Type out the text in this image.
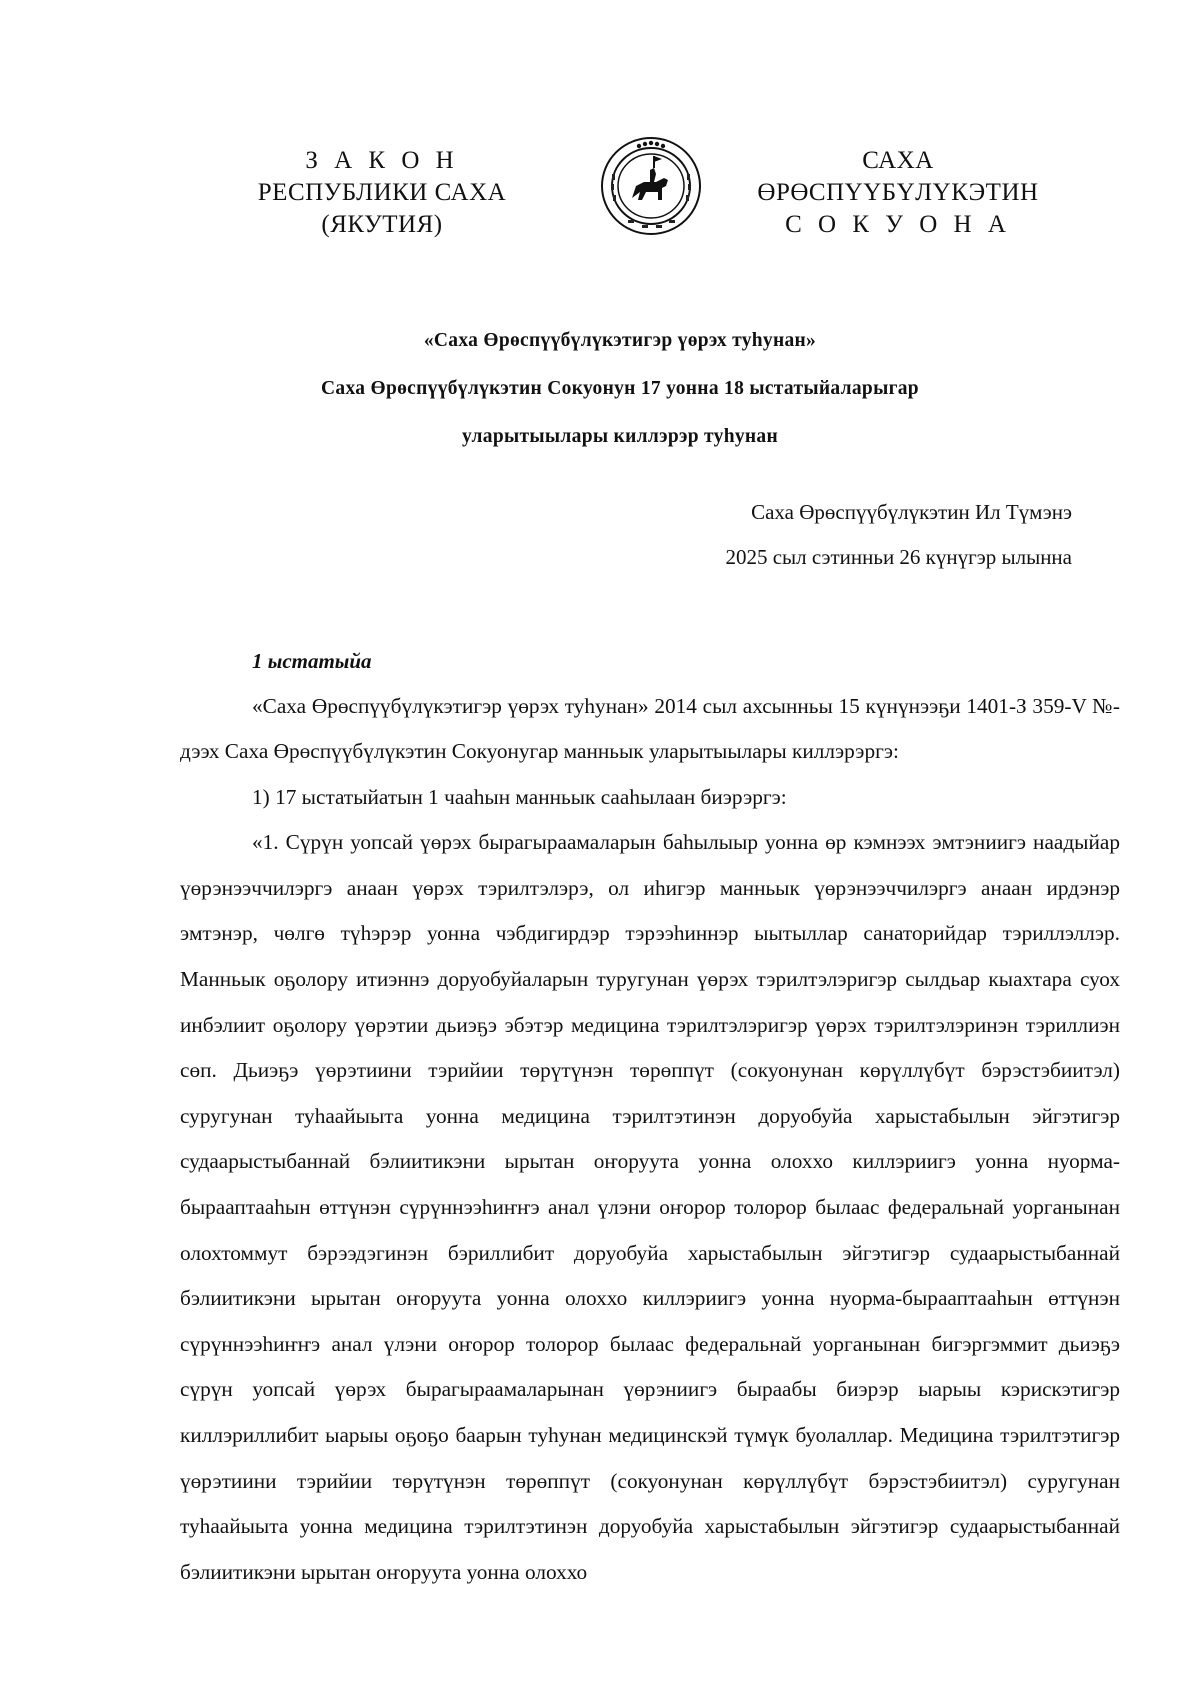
З А К О Н
РЕСПУБЛИКИ САХА (ЯКУТИЯ)
САХА ӨРӨСПҮҮБҮЛҮКЭТИН
С О К У О Н А
«Саха Өрөспүүбүлүкэтигэр үөрэх туһунан»
Саха Өрөспүүбүлүкэтин Сокуонун 17 уонна 18 ыстатыйаларыгар
уларытыылары киллэрэр туһунан
Саха Өрөспүүбүлүкэтин Ил Түмэнэ
2025 сыл сэтинньи 26 күнүгэр ылынна
1 ыстатыйа

«Саха Өрөспүүбүлүкэтигэр үөрэх туһунан» 2014 сыл ахсынньы 15 күнүнээҕи 1401-З 359-V №-дээх Саха Өрөспүүбүлүкэтин Сокуонугар манньык уларытыылары киллэрэргэ:

1) 17 ыстатыйатын 1 чааһын манньык сааһылаан биэрэргэ:

«1. Сүрүн уопсай үөрэх бырагыраамаларын баһылыыр уонна өр кэмнээх эмтэниигэ наадыйар үөрэнээччилэргэ анаан үөрэх тэрилтэлэрэ, ол иһигэр манньык үөрэнээччилэргэ анаан ирдэнэр эмтэнэр, чөлгө түһэрэр уонна чэбдигирдэр тэрээһиннэр ыытыллар санаторийдар тэриллэллэр. Манньык оҕолору итиэннэ доруобуйаларын туругунан үөрэх тэрилтэлэригэр сылдьар кыахтара суох инбэлиит оҕолору үөрэтии дьиэҕэ эбэтэр медицина тэрилтэлэригэр үөрэх тэрилтэлэринэн тэриллиэн сөп. Дьиэҕэ үөрэтиини тэрийии төрүтүнэн төрөппүт (сокуонунан көрүллүбүт бэрэстэбиитэл) суругунан туһаайыыта уонна медицина тэрилтэтинэн доруобуйа харыстабылын эйгэтигэр судаарыстыбаннай бэлиитикэни ырытан оҥоруута уонна олоххо киллэриигэ уонна нуорма-бырааптааһын өттүнэн сүрүннээһиҥҥэ анал үлэни оҥорор толорор былаас федеральнай уорганынан олохтоммут бэрээдэгинэн бэриллибит доруобуйа харыстабылын эйгэтигэр судаарыстыбаннай бэлиитикэни ырытан оҥоруута уонна олоххо киллэриигэ уонна нуорма-бырааптааһын өттүнэн сүрүннээһиҥҥэ анал үлэни оҥорор толорор былаас федеральнай уорганынан бигэргэммит дьиэҕэ сүрүн уопсай үөрэх бырагыраамаларынан үөрэниигэ быраабы биэрэр ыарыы кэрискэтигэр киллэриллибит ыарыы оҕоҕо баарын туһунан медицинскэй түмүк буолаллар. Медицина тэрилтэтигэр үөрэтиини тэрийии төрүтүнэн төрөппүт (сокуонунан көрүллүбүт бэрэстэбиитэл) суругунан туһаайыыта уонна медицина тэрилтэтинэн доруобуйа харыстабылын эйгэтигэр судаарыстыбаннай бэлиитикэни ырытан оҥоруута уонна олоххо
